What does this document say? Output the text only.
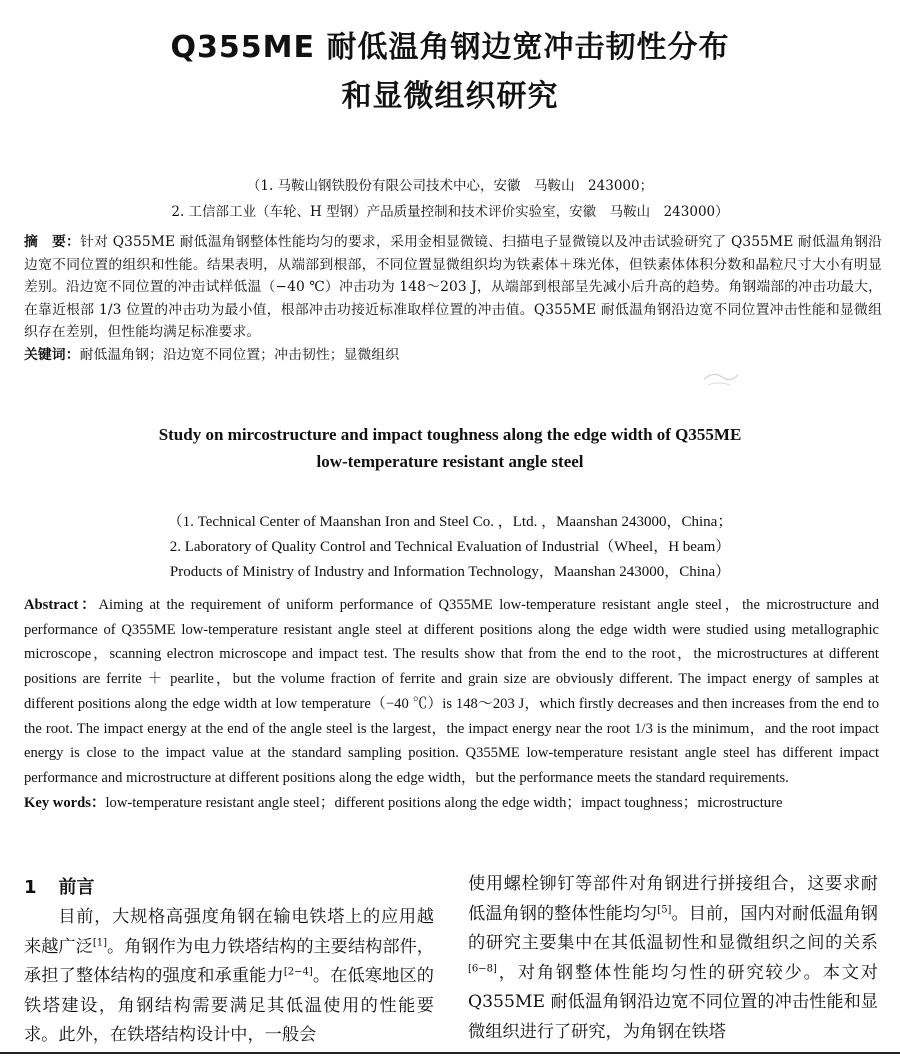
Q355ME 耐低温角钢边宽冲击韧性分布
和显微组织研究
（1. 马鞍山钢铁股份有限公司技术中心，安徽　马鞍山　243000；
2. 工信部工业（车轮、H 型钢）产品质量控制和技术评价实验室，安徽　马鞍山　243000）

摘　要：针对 Q355ME 耐低温角钢整体性能均匀的要求，采用金相显微镜、扫描电子显微镜以及冲击试验研究了 Q355ME 耐低温角钢沿边宽不同位置的组织和性能。结果表明，从端部到根部，不同位置显微组织均为铁素体＋珠光体，但铁素体体积分数和晶粒尺寸大小有明显差别。沿边宽不同位置的冲击试样低温（−40 ℃）冲击功为 148～203 J，从端部到根部呈先减小后升高的趋势。角钢端部的冲击功最大，在靠近根部 1/3 位置的冲击功为最小值，根部冲击功接近标准取样位置的冲击值。Q355ME 耐低温角钢沿边宽不同位置冲击性能和显微组织存在差别，但性能均满足标准要求。

关键词：耐低温角钢；沿边宽不同位置；冲击韧性；显微组织

Study on mircostructure and impact toughness along the edge width of Q355ME
low-temperature resistant angle steel
（1. Technical Center of Maanshan Iron and Steel Co. ，Ltd. ，Maanshan 243000，China；
2. Laboratory of Quality Control and Technical Evaluation of Industrial（Wheel，H beam）
Products of Ministry of Industry and Information Technology，Maanshan 243000，China）

Abstract：Aiming at the requirement of uniform performance of Q355ME low-temperature resistant angle steel，the microstructure and performance of Q355ME low-temperature resistant angle steel at different positions along the edge width were studied using metallographic microscope，scanning electron microscope and impact test. The results show that from the end to the root，the microstructures at different positions are ferrite ＋ pearlite，but the volume fraction of ferrite and grain size are obviously different. The impact energy of samples at different positions along the edge width at low temperature（−40 ℃）is 148～203 J，which firstly decreases and then increases from the end to the root. The impact energy at the end of the angle steel is the largest，the impact energy near the root 1/3 is the minimum，and the root impact energy is close to the impact value at the standard sampling position. Q355ME low-temperature resistant angle steel has different impact performance and microstructure at different positions along the edge width，but the performance meets the standard requirements.

Key words：low-temperature resistant angle steel；different positions along the edge width；impact toughness；microstructure

1 前言

目前，大规格高强度角钢在输电铁塔上的应用越来越广泛[1]。角钢作为电力铁塔结构的主要结构部件，承担了整体结构的强度和承重能力[2−4]。在低寒地区的铁塔建设，角钢结构需要满足其低温使用的性能要求。此外，在铁塔结构设计中，一般会

使用螺栓铆钉等部件对角钢进行拼接组合，这要求耐低温角钢的整体性能均匀[5]。目前，国内对耐低温角钢的研究主要集中在其低温韧性和显微组织之间的关系[6−8]，对角钢整体性能均匀性的研究较少。本文对 Q355ME 耐低温角钢沿边宽不同位置的冲击性能和显微组织进行了研究，为角钢在铁塔
